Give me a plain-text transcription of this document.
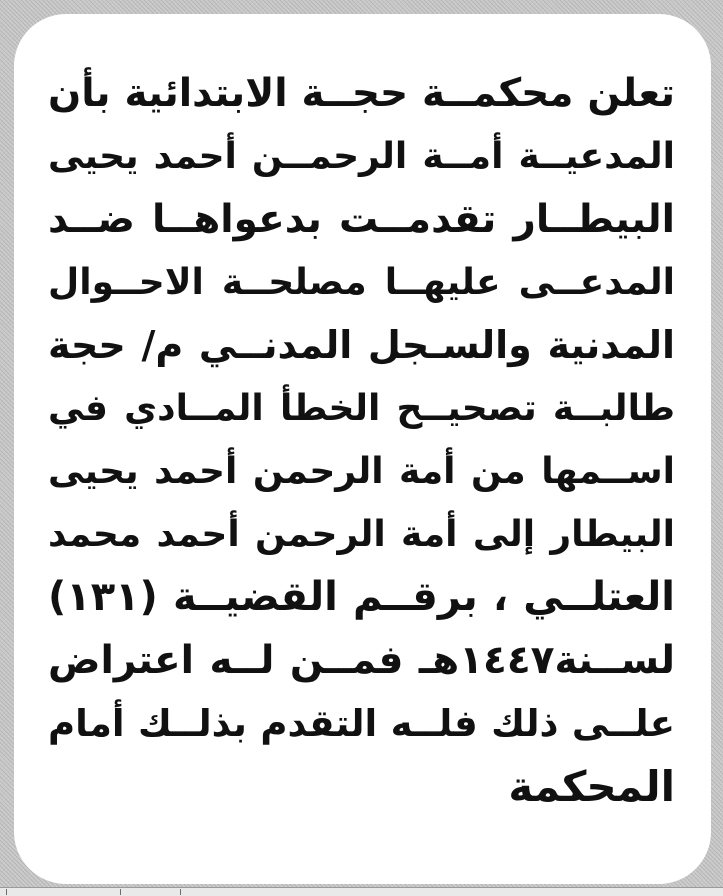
تعلن محكمــة حجــة الابتدائية بأن
المدعيــة أمــة الرحمــن أحمد يحيى
البيطــار تقدمــت بدعواهــا ضــد
المدعــى عليهــا مصلحــة الاحــوال
المدنية والسـجل المدنــي م/ حجة
طالبــة تصحيــح الخطأ المــادي في
اســمها من أمة الرحمن أحمد يحيى
البيطار إلى أمة الرحمن أحمد محمد
العتلــي ، برقــم القضيــة (١٣١)
لســنة١٤٤٧هـ فمــن لــه اعتراض
علــى ذلك فلــه التقدم بذلــك أمام
المحكمة
